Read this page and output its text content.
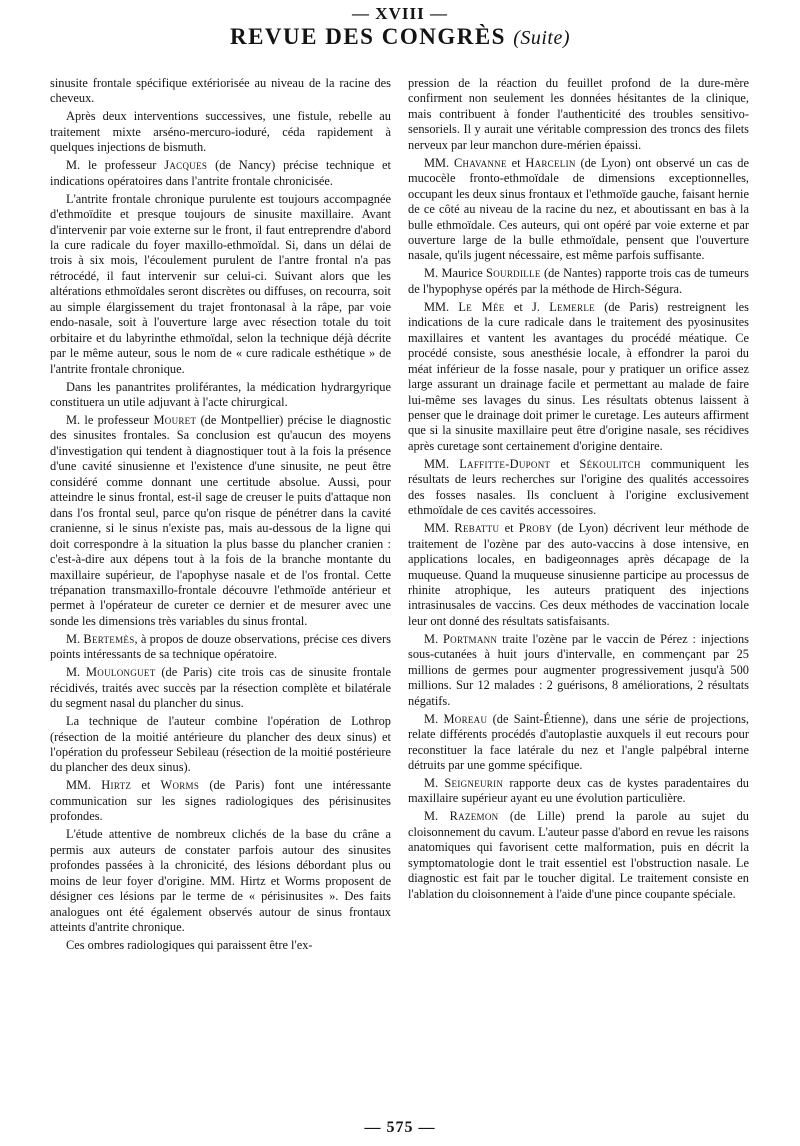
— XVIII —
REVUE DES CONGRÈS (Suite)

sinusite frontale spécifique extériorisée au niveau de la racine des cheveux.

Après deux interventions successives, une fistule, rebelle au traitement mixte arséno-mercuro-ioduré, céda rapidement à quelques injections de bismuth.

M. le professeur Jacques (de Nancy) précise technique et indications opératoires dans l'antrite frontale chronicisée.

L'antrite frontale chronique purulente est toujours accompagnée d'ethmoïdite et presque toujours de sinusite maxillaire. Avant d'intervenir par voie externe sur le front, il faut entreprendre d'abord la cure radicale du foyer maxillo-ethmoïdal. Si, dans un délai de trois à six mois, l'écoulement purulent de l'antre frontal n'a pas rétrocédé, il faut intervenir sur celui-ci. Suivant alors que les altérations ethmoïdales seront discrètes ou diffuses, on recourra, soit au simple élargissement du trajet frontonasal à la râpe, par voie endo-nasale, soit à l'ouverture large avec résection totale du toit orbitaire et du labyrinthe ethmoïdal, selon la technique déjà décrite par le même auteur, sous le nom de « cure radicale esthétique » de l'antrite frontale chronique.

Dans les panantrites proliférantes, la médication hydrargyrique constituera un utile adjuvant à l'acte chirurgical.

M. le professeur Mouret (de Montpellier) précise le diagnostic des sinusites frontales. Sa conclusion est qu'aucun des moyens d'investigation qui tendent à diagnostiquer tout à la fois la présence d'une cavité sinusienne et l'existence d'une sinusite, ne peut être considéré comme donnant une certitude absolue. Aussi, pour atteindre le sinus frontal, est-il sage de creuser le puits d'attaque non dans l'os frontal seul, parce qu'on risque de pénétrer dans la cavité cranienne, si le sinus n'existe pas, mais au-dessous de la ligne qui doit correspondre à la situation la plus basse du plancher cranien : c'est-à-dire aux dépens tout à la fois de la branche montante du maxillaire supérieur, de l'apophyse nasale et de l'os frontal. Cette trépanation transmaxillo-frontale découvre l'ethmoïde antérieur et permet à l'opérateur de cureter ce dernier et de mesurer avec une sonde les dimensions très variables du sinus frontal.

M. Bertemès, à propos de douze observations, précise ces divers points intéressants de sa technique opératoire.

M. Moulonguet (de Paris) cite trois cas de sinusite frontale récidivés, traités avec succès par la résection complète et bilatérale du segment nasal du plancher du sinus.

La technique de l'auteur combine l'opération de Lothrop (résection de la moitié antérieure du plancher des deux sinus) et l'opération du professeur Sebileau (résection de la moitié postérieure du plancher des deux sinus).

MM. Hirtz et Worms (de Paris) font une intéressante communication sur les signes radiologiques des périsinusites profondes.

L'étude attentive de nombreux clichés de la base du crâne a permis aux auteurs de constater parfois autour des sinusites profondes passées à la chronicité, des lésions débordant plus ou moins de leur foyer d'origine. MM. Hirtz et Worms proposent de désigner ces lésions par le terme de « périsinusites ». Des faits analogues ont été également observés autour de sinus frontaux atteints d'antrite chronique.

Ces ombres radiologiques qui paraissent être l'ex-

pression de la réaction du feuillet profond de la dure-mère confirment non seulement les données hésitantes de la clinique, mais contribuent à fonder l'authenticité des troubles sensitivo-sensoriels. Il y aurait une véritable compression des troncs des filets nerveux par leur manchon dure-mérien épaissi.

MM. Chavanne et Harcelin (de Lyon) ont observé un cas de mucocèle fronto-ethmoïdale de dimensions exceptionnelles, occupant les deux sinus frontaux et l'ethmoïde gauche, faisant hernie de ce côté au niveau de la racine du nez, et aboutissant en bas à la bulle ethmoïdale. Ces auteurs, qui ont opéré par voie externe et par ouverture large de la bulle ethmoïdale, pensent que l'ouverture nasale, qu'ils jugent nécessaire, est même parfois suffisante.

M. Maurice Sourdille (de Nantes) rapporte trois cas de tumeurs de l'hypophyse opérés par la méthode de Hirch-Ségura.

MM. Le Mée et J. Lemerle (de Paris) restreignent les indications de la cure radicale dans le traitement des pyosinusites maxillaires et vantent les avantages du procédé méatique. Ce procédé consiste, sous anesthésie locale, à effondrer la paroi du méat inférieur de la fosse nasale, pour y pratiquer un orifice assez large assurant un drainage facile et permettant au malade de faire lui-même ses lavages du sinus. Les résultats obtenus laissent à penser que le drainage doit primer le curetage. Les auteurs affirment que si la sinusite maxillaire peut être d'origine nasale, ses récidives après curetage sont certainement d'origine dentaire.

MM. Laffitte-Dupont et Sékoulitch communiquent les résultats de leurs recherches sur l'origine des qualités accessoires des fosses nasales. Ils concluent à l'origine exclusivement ethmoïdale de ces cavités accessoires.

MM. Rebattu et Proby (de Lyon) décrivent leur méthode de traitement de l'ozène par des auto-vaccins à dose intensive, en applications locales, en badigeonnages après décapage de la muqueuse. Quand la muqueuse sinusienne participe au processus de rhinite atrophique, les auteurs pratiquent des injections intrasinusales de vaccins. Ces deux méthodes de vaccination locale leur ont donné des résultats satisfaisants.

M. Portmann traite l'ozène par le vaccin de Pérez : injections sous-cutanées à huit jours d'intervalle, en commençant par 25 millions de germes pour augmenter progressivement jusqu'à 500 millions. Sur 12 malades : 2 guérisons, 8 améliorations, 2 résultats négatifs.

M. Moreau (de Saint-Étienne), dans une série de projections, relate différents procédés d'autoplastie auxquels il eut recours pour reconstituer la face latérale du nez et l'angle palpébral interne détruits par une gomme spécifique.

M. Seigneurin rapporte deux cas de kystes paradentaires du maxillaire supérieur ayant eu une évolution particulière.

M. Razemon (de Lille) prend la parole au sujet du cloisonnement du cavum. L'auteur passe d'abord en revue les raisons anatomiques qui favorisent cette malformation, puis en décrit la symptomatologie dont le trait essentiel est l'obstruction nasale. Le diagnostic est fait par le toucher digital. Le traitement consiste en l'ablation du cloisonnement à l'aide d'une pince coupante spéciale.

— 575 —
